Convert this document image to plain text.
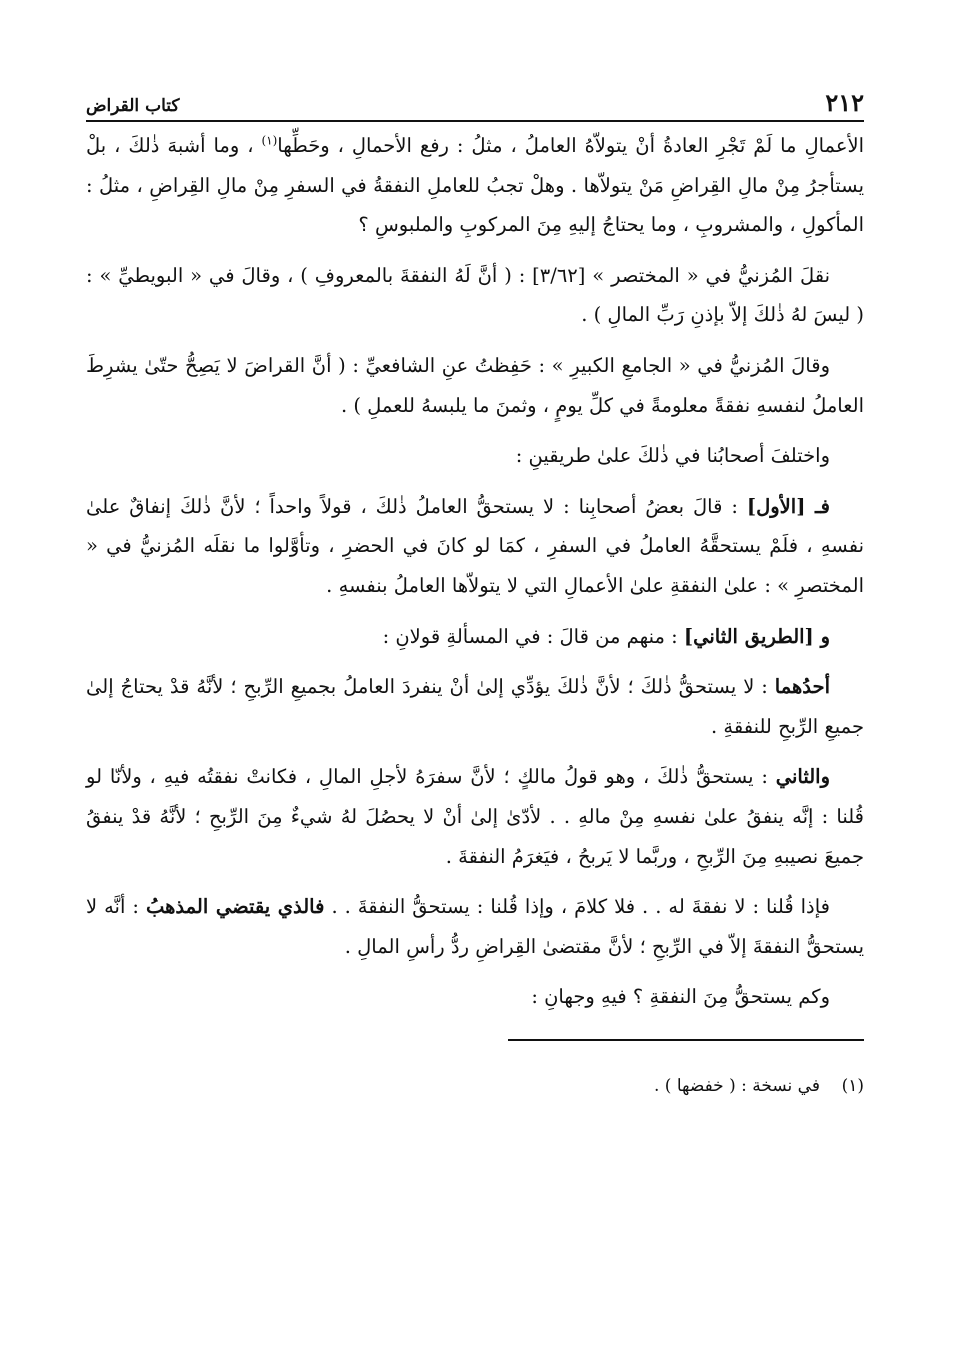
٢١٢
كتاب القراض

الأعمالِ ما لَمْ تَجْرِ العادةُ أنْ يتولاّهُ العاملُ ، مثلُ : رفع الأحمالِ ، وحَطِّها$^{(١)}$ ، وما أشبهَ ذٰلكَ ، بلْ يستأجرُ مِنْ مالِ القِراضِ مَنْ يتولاّها . وهلْ تجبُ للعاملِ النفقةُ في السفرِ مِنْ مالِ القِراضِ ، مثلُ : المأكولِ ، والمشروبِ ، وما يحتاجُ إليهِ مِنَ المركوبِ والملبوسِ ؟

نقلَ المُزنيُّ في « المختصر » [٣/٦٢] : ( أنَّ لَهُ النفقةَ بالمعروفِ ) ، وقالَ في « البويطيِّ » : ( ليسَ لهُ ذٰلكَ إلاّ بإذنِ رَبِّ المالِ ) .

وقالَ المُزنيُّ في « الجامعِ الكبيرِ » : حَفِظتُ عنِ الشافعيِّ : ( أنَّ القراضَ لا يَصِحُّ حتّىٰ يشرِطَ العاملُ لنفسهِ نفقةً معلومةً في كلِّ يومٍ ، وثمنَ ما يلبسهُ للعملِ ) .

واختلفَ أصحابُنا في ذٰلكَ علىٰ طريقينِ :

فـ [الأول] : قالَ بعضُ أصحابِنا : لا يستحقُّ العاملُ ذٰلكَ ، قولاً واحداً ؛ لأنَّ ذٰلكَ إنفاقٌ علىٰ نفسهِ ، فلَمْ يستحقَّهُ العاملُ في السفرِ ، كمَا لو كانَ في الحضرِ ، وتأوَّلوا ما نقلَه المُزنيُّ في « المختصرِ » : علىٰ النفقةِ علىٰ الأعمالِ التي لا يتولاّها العاملُ بنفسهِ .

و [الطريق الثاني] : منهم من قالَ : في المسألةِ قولانِ :

أحدُهما : لا يستحقُّ ذٰلكَ ؛ لأنَّ ذٰلكَ يؤدِّي إلىٰ أنْ ينفردَ العاملُ بجميعِ الرِّبحِ ؛ لأنَّهُ قدْ يحتاجُ إلىٰ جميعِ الرِّبحِ للنفقةِ .

والثاني : يستحقُّ ذٰلكَ ، وهو قولُ مالكٍ ؛ لأنَّ سفرَهُ لأجلِ المالِ ، فكانتْ نفقتُه فيهِ ، ولأنّا لو قُلنا : إنَّه ينفقُ علىٰ نفسهِ مِنْ مالهِ . . لأدّىٰ إلىٰ أنْ لا يحصُلَ لهُ شيءٌ مِنَ الرِّبحِ ؛ لأنَّهُ قدْ ينفقُ جميعَ نصيبهِ مِنَ الرِّبحِ ، وربَّما لا يَربحُ ، فيَغرَمُ النفقةَ .

فإذا قُلنا : لا نفقةَ له . . فلا كلامَ ، وإذا قُلنا : يستحقُّ النفقةَ . . فالذي يقتضي المذهبُ : أنَّه لا يستحقُّ النفقةَ إلاّ في الرِّبحِ ؛ لأنَّ مقتضىٰ القِراضِ ردُّ رأسِ المالِ .

وكم يستحقُّ مِنَ النفقةِ ؟ فيهِ وجهانِ :

(١)    في نسخة : ( خفضها ) .
